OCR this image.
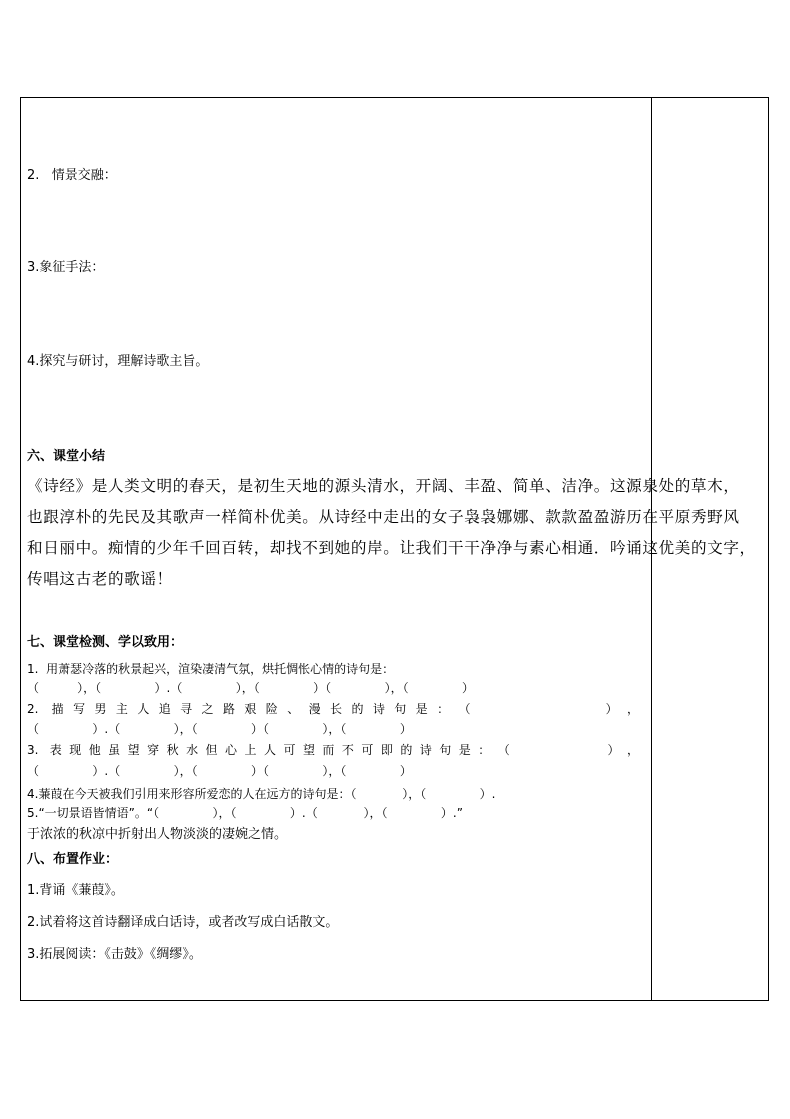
2.   情景交融：
3.象征手法：
4.探究与研讨，理解诗歌主旨。
六、课堂小结
《诗经》是人类文明的春天，是初生天地的源头清水，开阔、丰盈、简单、洁净。这源泉处的草木，
也跟淳朴的先民及其歌声一样简朴优美。从诗经中走出的女子袅袅娜娜、款款盈盈游历在平原秀野风
和日丽中。痴情的少年千回百转，却找不到她的岸。让我们干干净净与素心相通．吟诵这优美的文字，
传唱这古老的歌谣！
七、课堂检测、学以致用：
1.  用萧瑟冷落的秋景起兴，渲染凄清气氛，烘托惆怅心情的诗句是：
（          ），（              ）.（              ），（              ）（              ），（              ）
2.  描 写 男 主 人 追 寻 之 路 艰 险 、 漫 长 的 诗 句 是 ： （                    ） ，
（              ）.（              ），（              ）（              ），（              ）
3.  表 现 他 虽 望 穿 秋 水 但 心 上 人 可 望 而 不 可 即 的 诗 句 是 ： （                 ） ，
（              ）.（              ），（              ）（              ），（              ）
4.蒹葭在今天被我们引用来形容所爱恋的人在远方的诗句是：（            ），（              ）.
5.“一切景语皆情语”。“（              ），（              ）.（            ），（              ）.”
于浓浓的秋凉中折射出人物淡淡的凄婉之情。
八、布置作业：
1.背诵《蒹葭》。
2.试着将这首诗翻译成白话诗，或者改写成白话散文。
3.拓展阅读：《击鼓》《绸缪》。
